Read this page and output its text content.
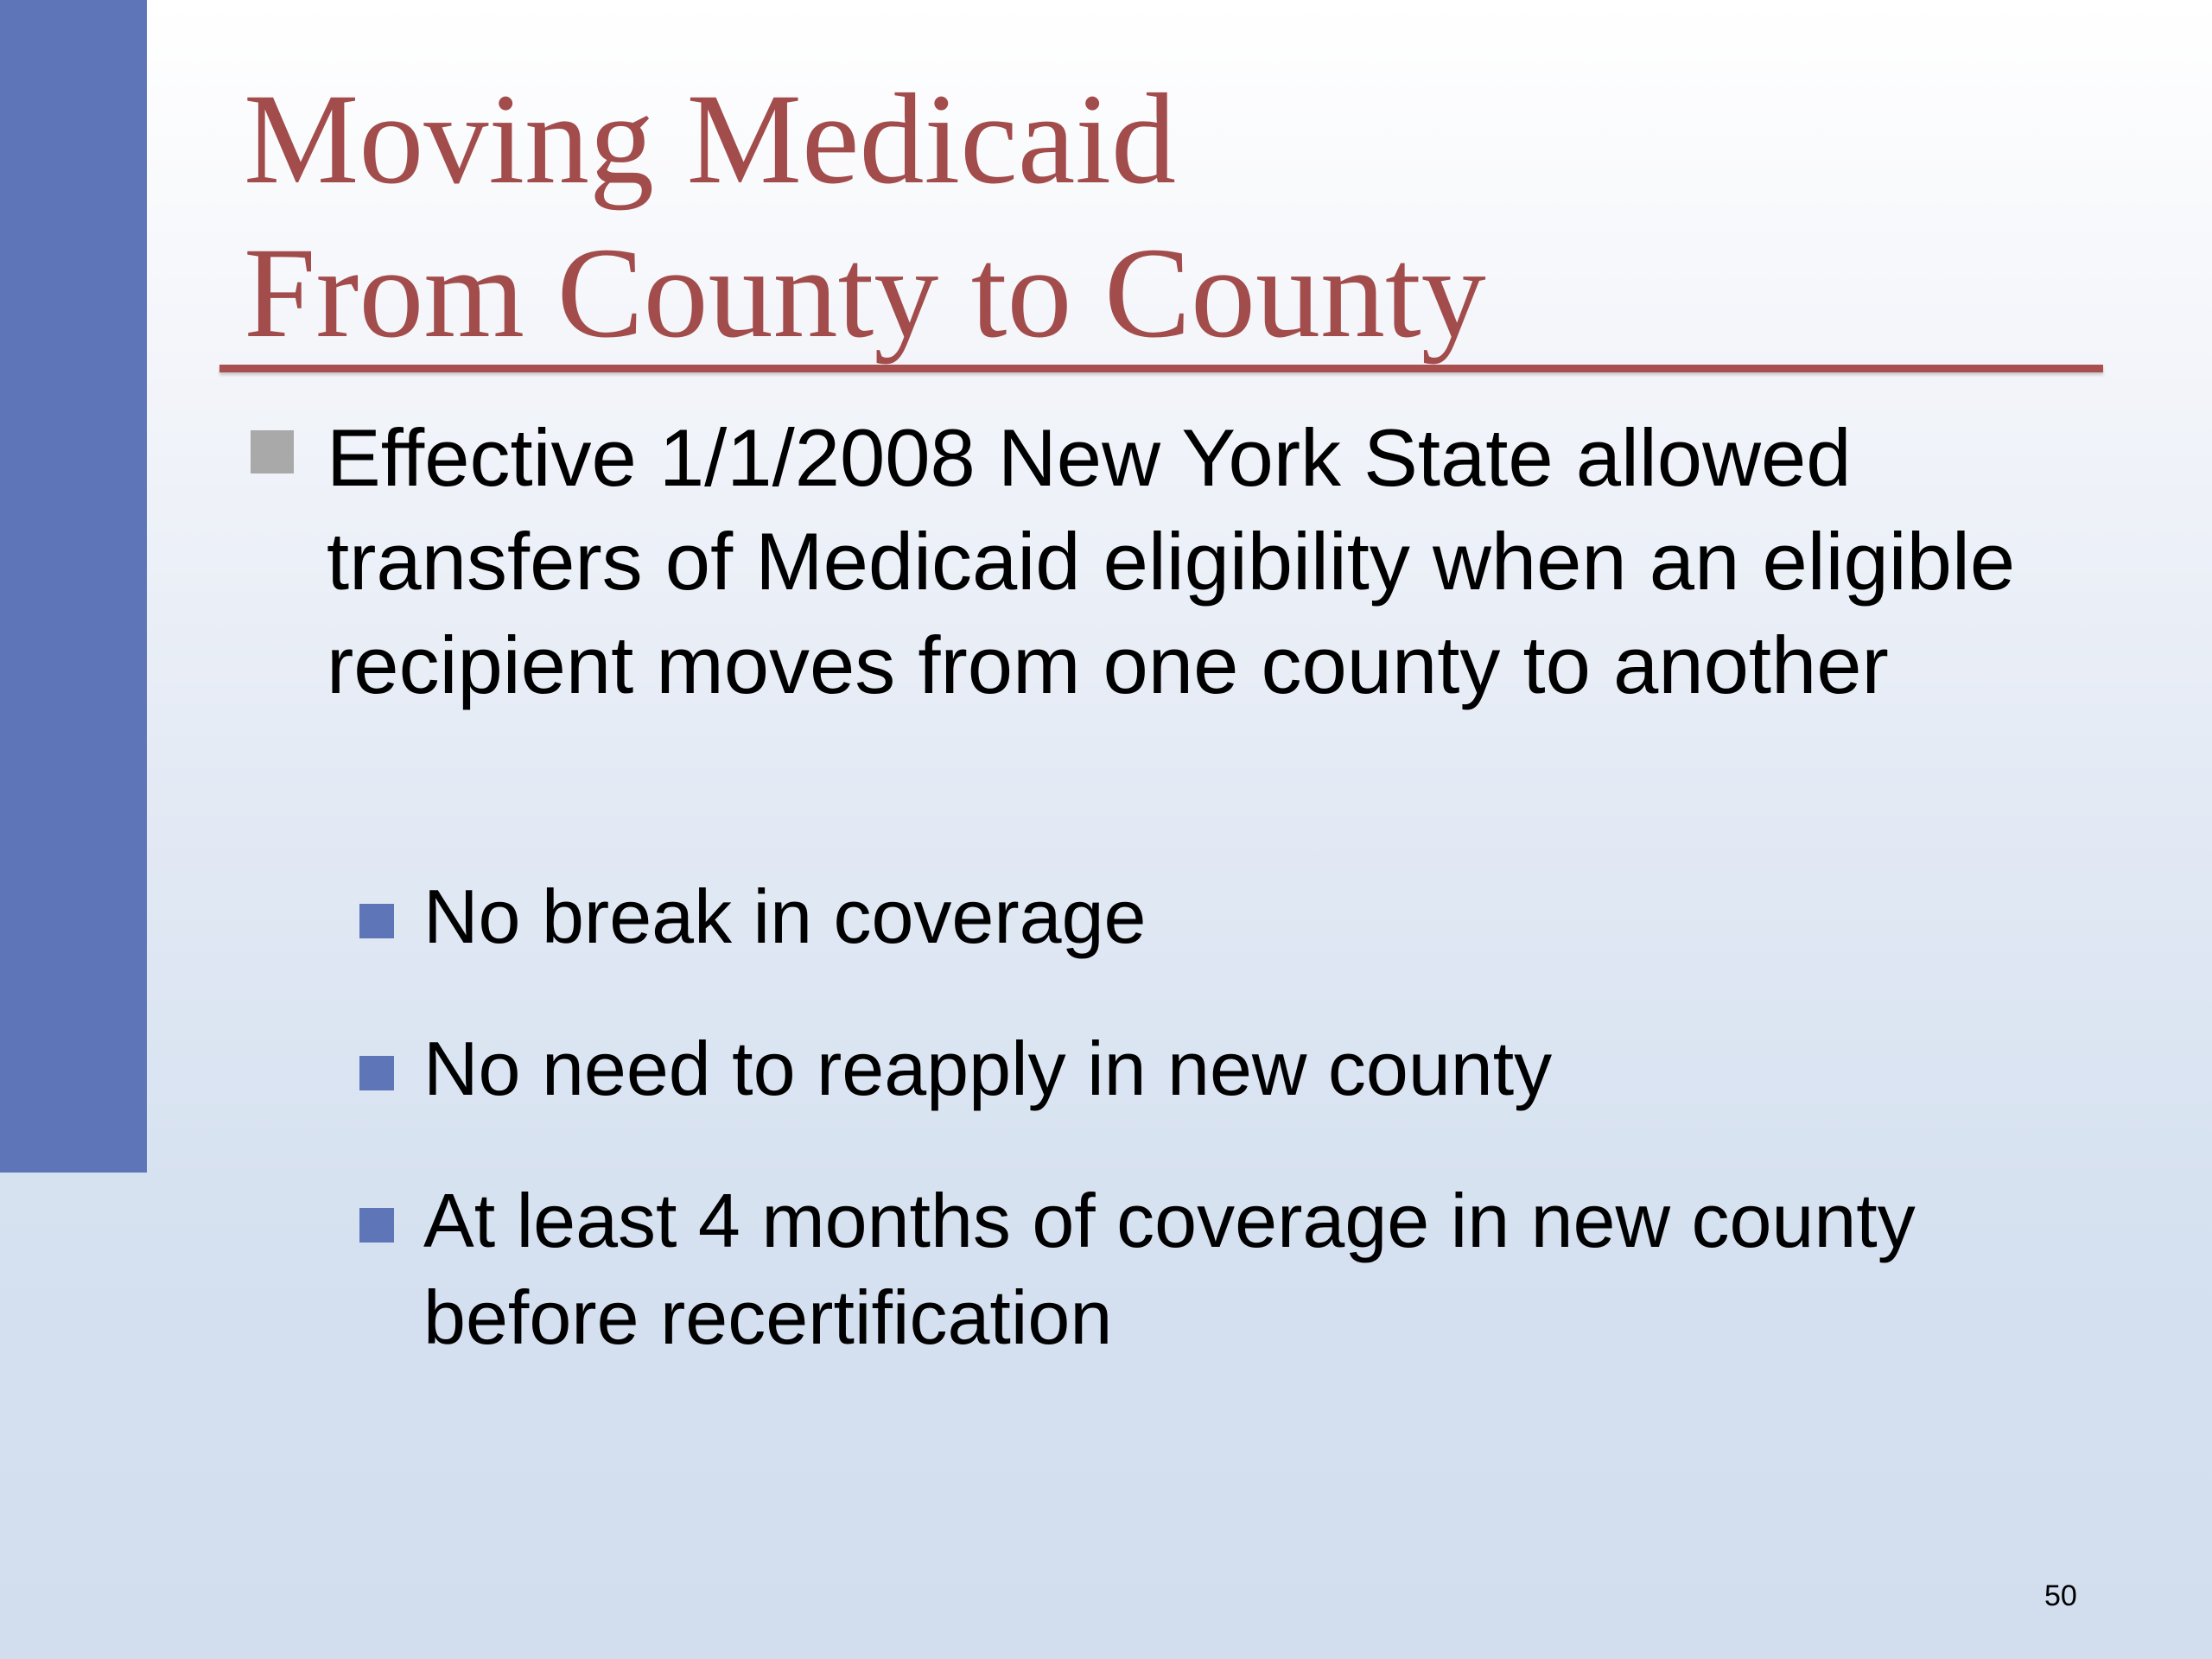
Moving Medicaid
From County to County
Effective 1/1/2008 New York State allowed transfers of Medicaid eligibility when an eligible recipient moves from one county to another
No break in coverage
No need to reapply in new county
At least 4 months of coverage in new county before recertification
50
